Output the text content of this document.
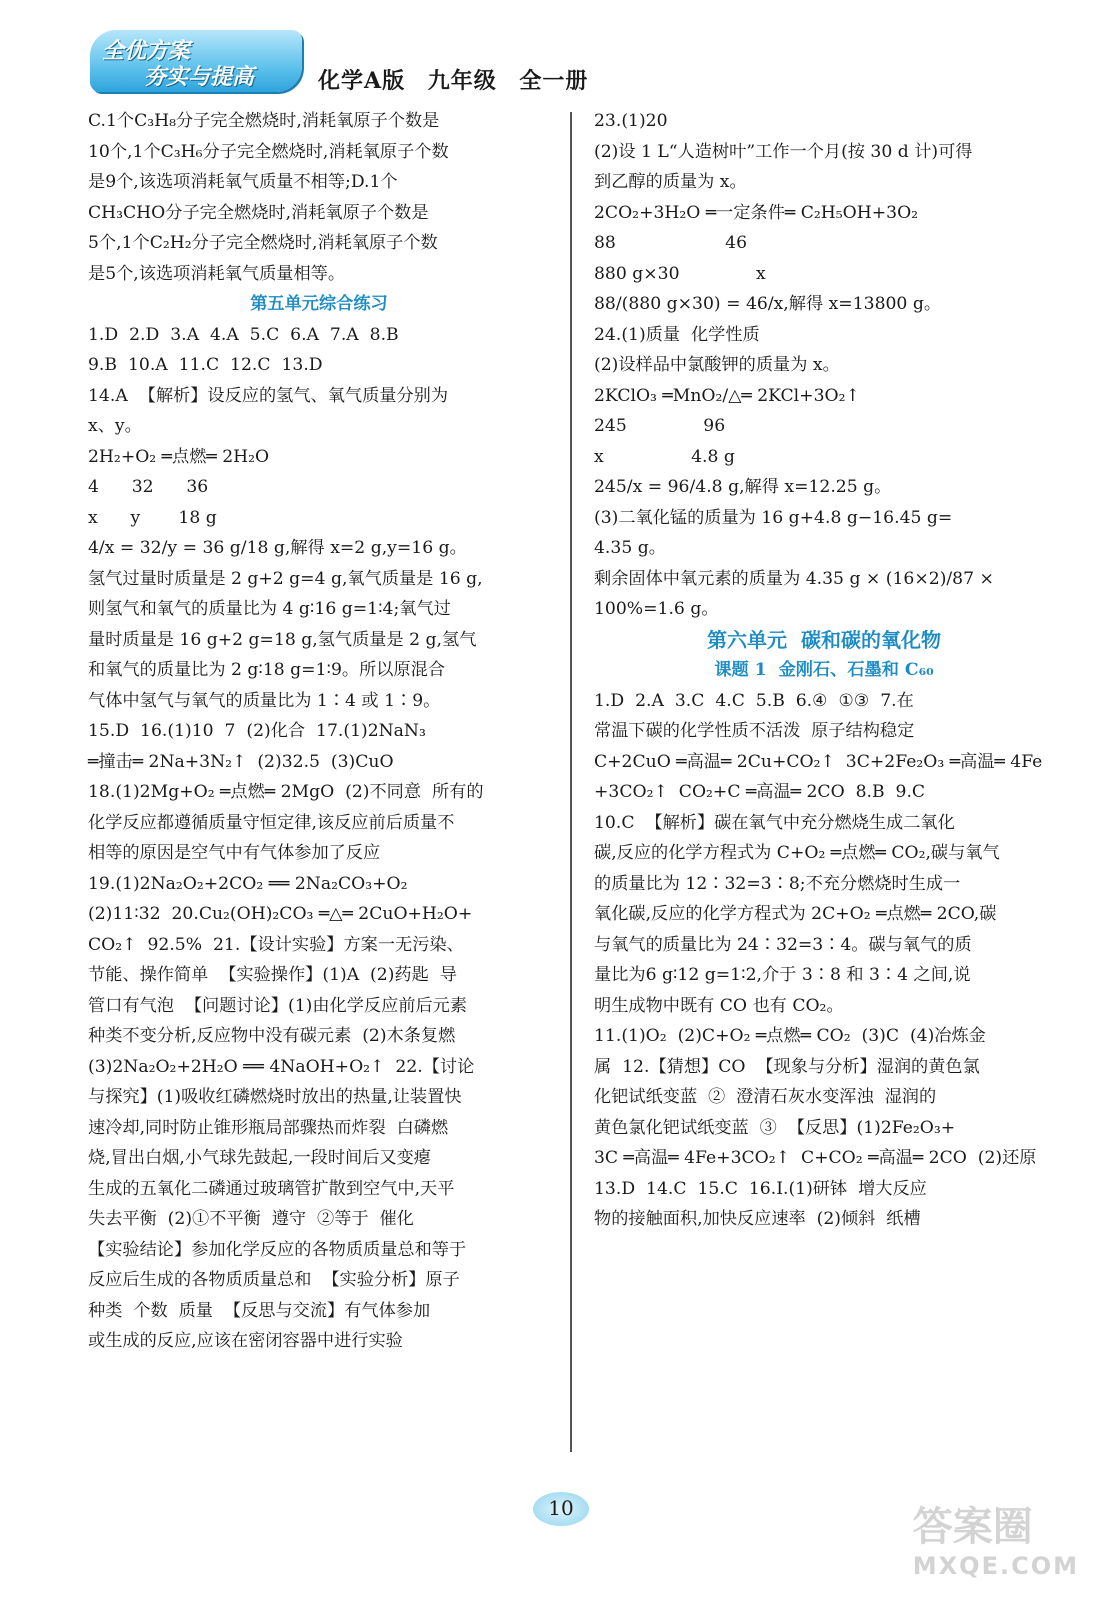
全优方案
夯实与提高	化学A版 九年级 全一册
C.1个C₃H₈分子完全燃烧时,消耗氧原子个数是
10个,1个C₃H₆分子完全燃烧时,消耗氧原子个数
是9个,该选项消耗氧气质量不相等;D.1个
CH₃CHO分子完全燃烧时,消耗氧原子个数是
5个,1个C₂H₂分子完全燃烧时,消耗氧原子个数
是5个,该选项消耗氧气质量相等。
第五单元综合练习
1.D  2.D  3.A  4.A  5.C  6.A  7.A  8.B
9.B  10.A  11.C  12.C  13.D
14.A  【解析】设反应的氢气、氧气质量分别为
x、y。
2H₂+O₂ ═点燃═ 2H₂O
4      32      36
x      y       18 g
4/x = 32/y = 36 g/18 g,解得 x=2 g,y=16 g。
氢气过量时质量是 2 g+2 g=4 g,氧气质量是 16 g,
则氢气和氧气的质量比为 4 g∶16 g=1∶4;氧气过
量时质量是 16 g+2 g=18 g,氢气质量是 2 g,氢气
和氧气的质量比为 2 g∶18 g=1∶9。所以原混合
气体中氢气与氧气的质量比为 1∶4 或 1∶9。
15.D  16.(1)10  7  (2)化合  17.(1)2NaN₃
═撞击═ 2Na+3N₂↑  (2)32.5  (3)CuO
18.(1)2Mg+O₂ ═点燃═ 2MgO  (2)不同意  所有的
化学反应都遵循质量守恒定律,该反应前后质量不
相等的原因是空气中有气体参加了反应
19.(1)2Na₂O₂+2CO₂ ══ 2Na₂CO₃+O₂
(2)11∶32  20.Cu₂(OH)₂CO₃ ═△═ 2CuO+H₂O+
CO₂↑  92.5%  21.【设计实验】方案一无污染、
节能、操作简单  【实验操作】(1)A  (2)药匙  导
管口有气泡  【问题讨论】(1)由化学反应前后元素
种类不变分析,反应物中没有碳元素  (2)木条复燃
(3)2Na₂O₂+2H₂O ══ 4NaOH+O₂↑  22.【讨论
与探究】(1)吸收红磷燃烧时放出的热量,让装置快
速冷却,同时防止锥形瓶局部骤热而炸裂  白磷燃
烧,冒出白烟,小气球先鼓起,一段时间后又变瘪
生成的五氧化二磷通过玻璃管扩散到空气中,天平
失去平衡  (2)①不平衡  遵守  ②等于  催化
【实验结论】参加化学反应的各物质质量总和等于
反应后生成的各物质质量总和  【实验分析】原子
种类  个数  质量  【反思与交流】有气体参加
或生成的反应,应该在密闭容器中进行实验
23.(1)20
(2)设 1 L“人造树叶”工作一个月(按 30 d 计)可得
到乙醇的质量为 x。
2CO₂+3H₂O ═一定条件═ C₂H₅OH+3O₂
88                    46
880 g×30              x
88/(880 g×30) = 46/x,解得 x=13800 g。
24.(1)质量  化学性质
(2)设样品中氯酸钾的质量为 x。
2KClO₃ ═MnO₂/△═ 2KCl+3O₂↑
245              96
x                4.8 g
245/x = 96/4.8 g,解得 x=12.25 g。
(3)二氧化锰的质量为 16 g+4.8 g−16.45 g=
4.35 g。
剩余固体中氧元素的质量为 4.35 g × (16×2)/87 ×
100%=1.6 g。
第六单元  碳和碳的氧化物
课题 1  金刚石、石墨和 C₆₀
1.D  2.A  3.C  4.C  5.B  6.④  ①③  7.在
常温下碳的化学性质不活泼  原子结构稳定
C+2CuO ═高温═ 2Cu+CO₂↑  3C+2Fe₂O₃ ═高温═ 4Fe
+3CO₂↑  CO₂+C ═高温═ 2CO  8.B  9.C
10.C  【解析】碳在氧气中充分燃烧生成二氧化
碳,反应的化学方程式为 C+O₂ ═点燃═ CO₂,碳与氧气
的质量比为 12∶32=3∶8;不充分燃烧时生成一
氧化碳,反应的化学方程式为 2C+O₂ ═点燃═ 2CO,碳
与氧气的质量比为 24∶32=3∶4。碳与氧气的质
量比为6 g∶12 g=1∶2,介于 3∶8 和 3∶4 之间,说
明生成物中既有 CO 也有 CO₂。
11.(1)O₂  (2)C+O₂ ═点燃═ CO₂  (3)C  (4)冶炼金
属  12.【猜想】CO  【现象与分析】湿润的黄色氯
化钯试纸变蓝  ②  澄清石灰水变浑浊  湿润的
黄色氯化钯试纸变蓝  ③  【反思】(1)2Fe₂O₃+
3C ═高温═ 4Fe+3CO₂↑  C+CO₂ ═高温═ 2CO  (2)还原
13.D  14.C  15.C  16.Ⅰ.(1)研钵  增大反应
物的接触面积,加快反应速率  (2)倾斜  纸槽
10	答案圈
MXQE.COM
